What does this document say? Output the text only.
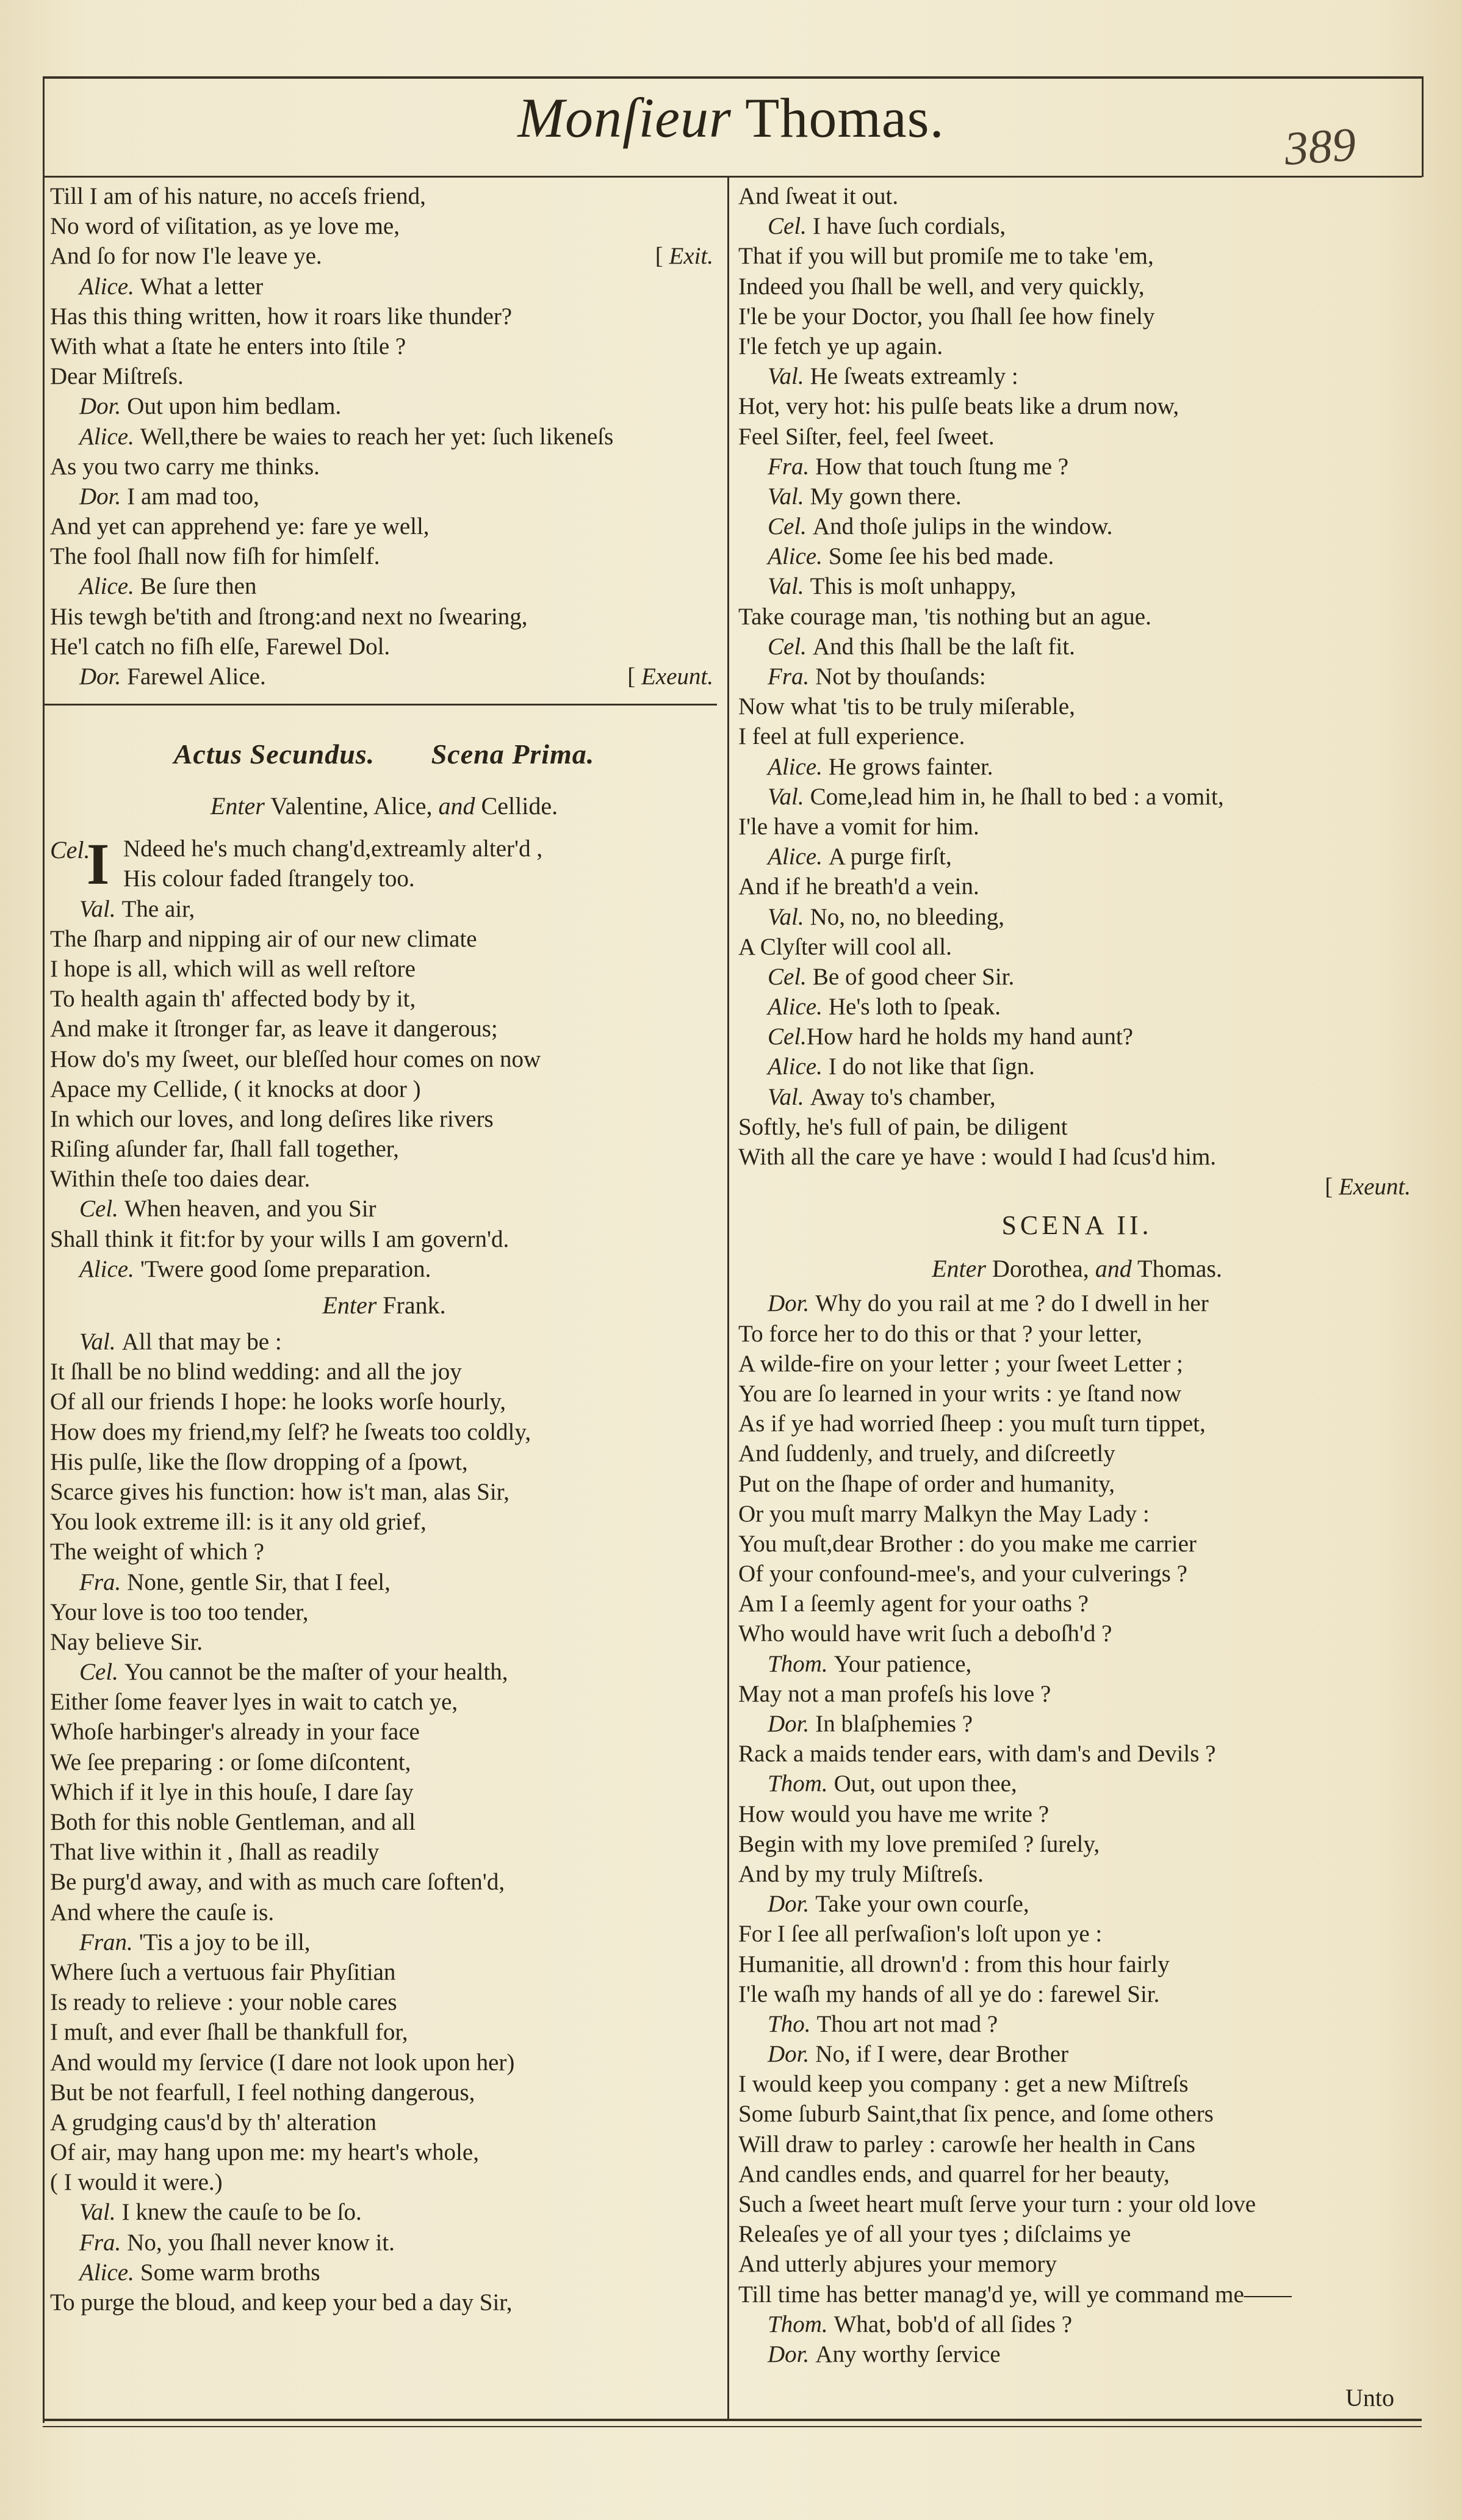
Monſieur Thomas.	389
Till I am of his nature, no acceſs friend,
No word of viſitation, as ye love me,
And ſo for now I'le leave ye.	[ Exit.
Alice. What a letter
Has this thing written, how it roars like thunder?
With what a ſtate he enters into ſtile ?
Dear Miſtreſs.
Dor. Out upon him bedlam.
Alice. Well,there be waies to reach her yet: ſuch likeneſs
As you two carry me thinks.
Dor. I am mad too,
And yet can apprehend ye: fare ye well,
The fool ſhall now fiſh for himſelf.
Alice. Be ſure then
His tewgh be'tith and ſtrong:and next no ſwearing,
He'l catch no fiſh elſe, Farewel Dol.
Dor. Farewel Alice.	[ Exeunt.
Actus Secundus. Scena Prima.
Enter Valentine, Alice, and Cellide.
Cel.
I Ndeed he's much chang'd,extreamly alter'd ,
His colour faded ſtrangely too.
Val. The air,
The ſharp and nipping air of our new climate
I hope is all, which will as well reſtore
To health again th' affected body by it,
And make it ſtronger far, as leave it dangerous;
How do's my ſweet, our bleſſed hour comes on now
Apace my Cellide, ( it knocks at door )
In which our loves, and long deſires like rivers
Riſing aſunder far, ſhall fall together,
Within theſe too daies dear.
Cel. When heaven, and you Sir
Shall think it fit:for by your wills I am govern'd.
Alice. 'Twere good ſome preparation.
Enter Frank.
Val. All that may be :
It ſhall be no blind wedding: and all the joy
Of all our friends I hope: he looks worſe hourly,
How does my friend,my ſelf? he ſweats too coldly,
His pulſe, like the ſlow dropping of a ſpowt,
Scarce gives his function: how is't man, alas Sir,
You look extreme ill: is it any old grief,
The weight of which ?
Fra. None, gentle Sir, that I feel,
Your love is too too tender,
Nay believe Sir.
Cel. You cannot be the maſter of your health,
Either ſome feaver lyes in wait to catch ye,
Whoſe harbinger's already in your face
We ſee preparing : or ſome diſcontent,
Which if it lye in this houſe, I dare ſay
Both for this noble Gentleman, and all
That live within it , ſhall as readily
Be purg'd away, and with as much care ſoften'd,
And where the cauſe is.
Fran. 'Tis a joy to be ill,
Where ſuch a vertuous fair Phyſitian
Is ready to relieve : your noble cares
I muſt, and ever ſhall be thankfull for,
And would my ſervice (I dare not look upon her)
But be not fearfull, I feel nothing dangerous,
A grudging caus'd by th' alteration
Of air, may hang upon me: my heart's whole,
( I would it were.)
Val. I knew the cauſe to be ſo.
Fra. No, you ſhall never know it.
Alice. Some warm broths
To purge the bloud, and keep your bed a day Sir,
And ſweat it out.
Cel. I have ſuch cordials,
That if you will but promiſe me to take 'em,
Indeed you ſhall be well, and very quickly,
I'le be your Doctor, you ſhall ſee how finely
I'le fetch ye up again.
Val. He ſweats extreamly :
Hot, very hot: his pulſe beats like a drum now,
Feel Siſter, feel, feel ſweet.
Fra. How that touch ſtung me ?
Val. My gown there.
Cel. And thoſe julips in the window.
Alice. Some ſee his bed made.
Val. This is moſt unhappy,
Take courage man, 'tis nothing but an ague.
Cel. And this ſhall be the laſt fit.
Fra. Not by thouſands:
Now what 'tis to be truly miſerable,
I feel at full experience.
Alice. He grows fainter.
Val. Come,lead him in, he ſhall to bed : a vomit,
I'le have a vomit for him.
Alice. A purge firſt,
And if he breath'd a vein.
Val. No, no, no bleeding,
A Clyſter will cool all.
Cel. Be of good cheer Sir.
Alice. He's loth to ſpeak.
Cel.How hard he holds my hand aunt?
Alice. I do not like that ſign.
Val. Away to's chamber,
Softly, he's full of pain, be diligent
With all the care ye have : would I had ſcus'd him.
[ Exeunt.
SCENA II.
Enter Dorothea, and Thomas.
Dor. Why do you rail at me ? do I dwell in her
To force her to do this or that ? your letter,
A wilde-fire on your letter ; your ſweet Letter ;
You are ſo learned in your writs : ye ſtand now
As if ye had worried ſheep : you muſt turn tippet,
And ſuddenly, and truely, and diſcreetly
Put on the ſhape of order and humanity,
Or you muſt marry Malkyn the May Lady :
You muſt,dear Brother : do you make me carrier
Of your confound-mee's, and your culverings ?
Am I a ſeemly agent for your oaths ?
Who would have writ ſuch a deboſh'd ?
Thom. Your patience,
May not a man profeſs his love ?
Dor. In blaſphemies ?
Rack a maids tender ears, with dam's and Devils ?
Thom. Out, out upon thee,
How would you have me write ?
Begin with my love premiſed ? ſurely,
And by my truly Miſtreſs.
Dor. Take your own courſe,
For I ſee all perſwaſion's loſt upon ye :
Humanitie, all drown'd : from this hour fairly
I'le waſh my hands of all ye do : farewel Sir.
Tho. Thou art not mad ?
Dor. No, if I were, dear Brother
I would keep you company : get a new Miſtreſs
Some ſuburb Saint,that ſix pence, and ſome others
Will draw to parley : carowſe her health in Cans
And candles ends, and quarrel for her beauty,
Such a ſweet heart muſt ſerve your turn : your old love
Releaſes ye of all your tyes ; diſclaims ye
And utterly abjures your memory
Till time has better manag'd ye, will ye command me——
Thom. What, bob'd of all ſides ?
Dor. Any worthy ſervice
Unto
